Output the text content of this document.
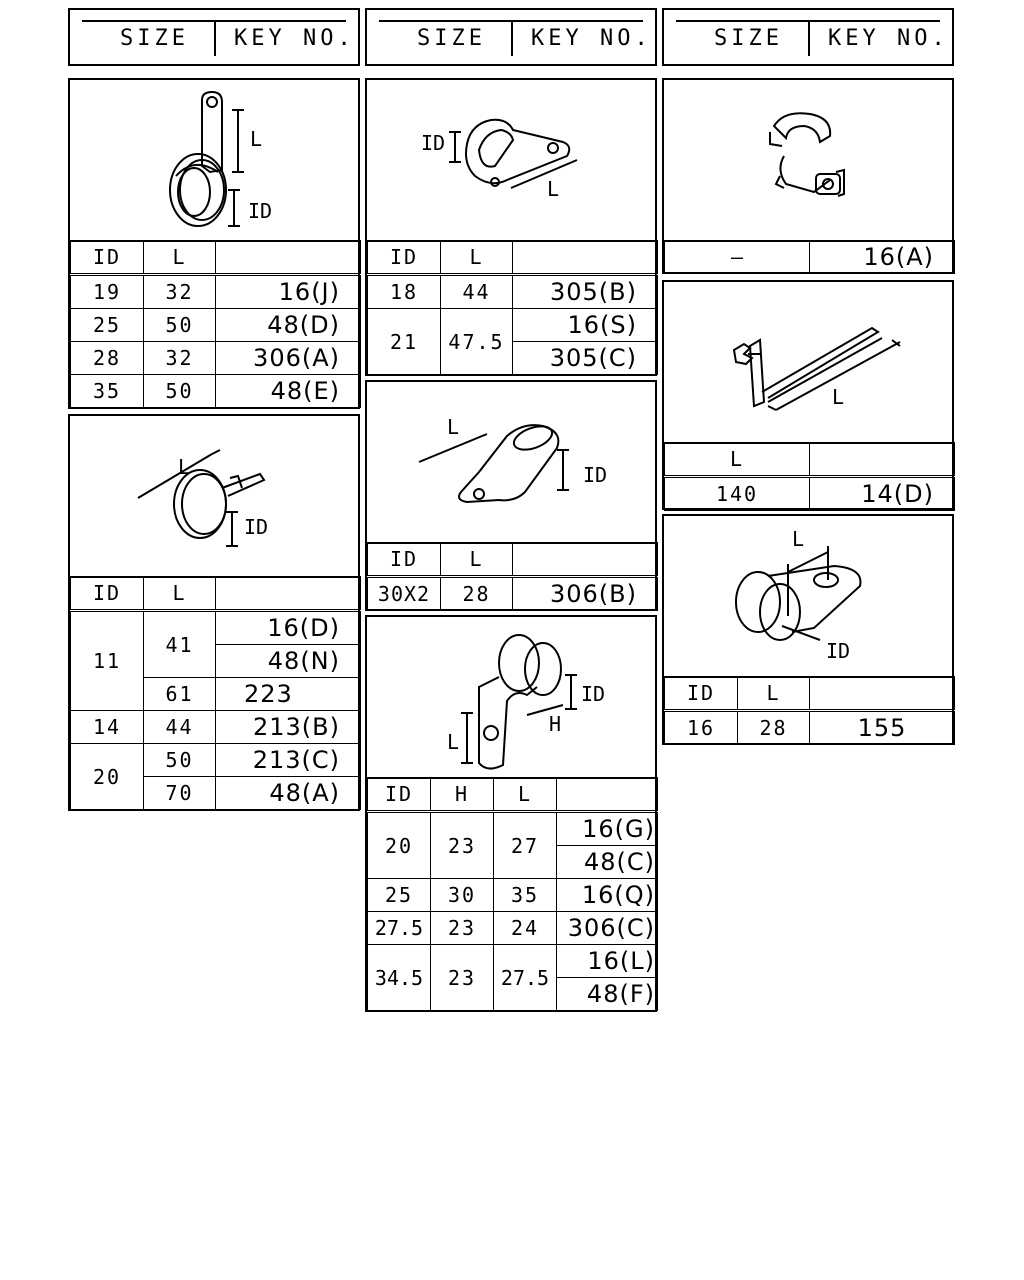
SIZE KEY NO.	SIZE KEY NO.	SIZE KEY NO.
L
ID
ID	L	
19	32	16(J)
25	50	48(D)
28	32	306(A)
35	50	48(E)
L
ID
ID	L	
11	41	16(D)
		48(N)
	61	223
14	44	213(B)
20	50	213(C)
	70	48(A)
ID
L
ID	L	
18	44	305(B)
21	47.5	16(S)
		305(C)
L
ID
ID	L	
30X2	28	306(B)
L
H
ID
ID	H	L	
20	23	27	16(G)
			48(C)
25	30	35	16(Q)
27.5	23	24	306(C)
34.5	23	27.5	16(L)
			48(F)
—	16(A)
L
L	
140	14(D)
L
ID
ID	L	
16	28	155
